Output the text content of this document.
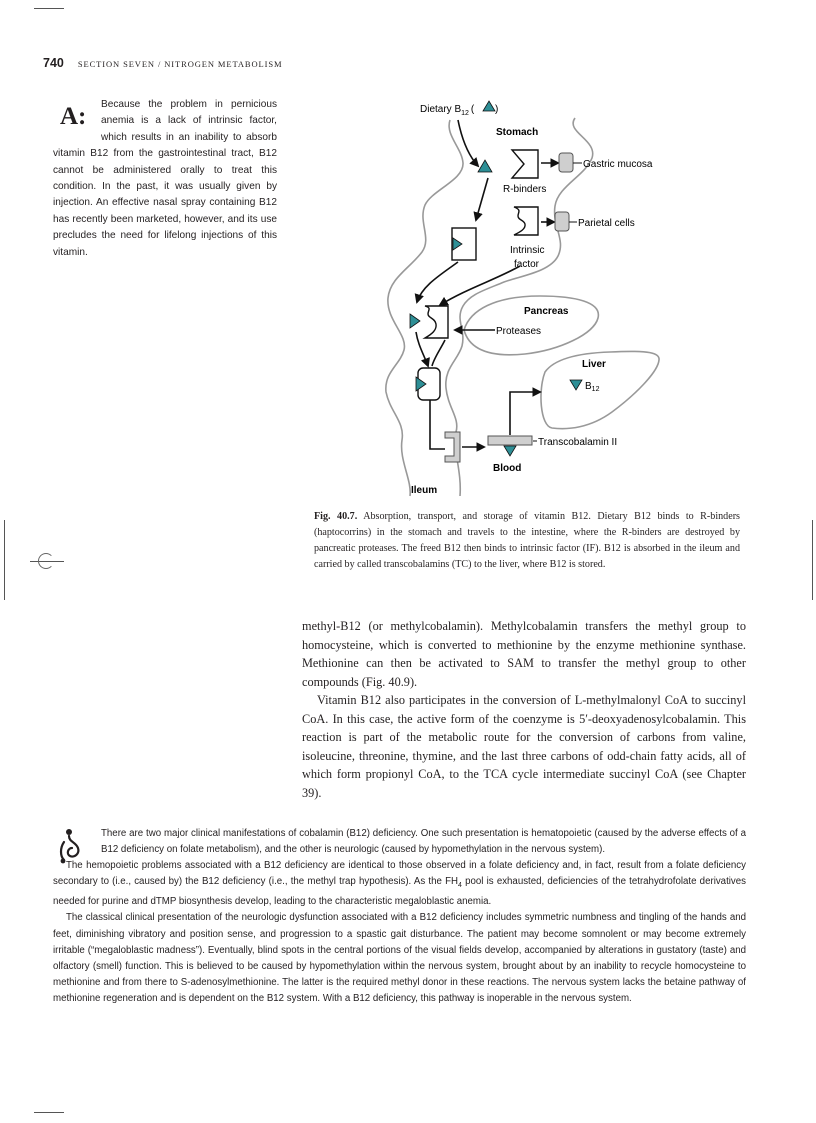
740 SECTION SEVEN / NITROGEN METABOLISM
A:	Because the problem in pernicious anemia is a lack of intrinsic factor, which results in an inability to absorb vitamin B12 from the gastrointestinal tract, B12 cannot be administered orally to treat this condition. In the past, it was usually given by injection. An effective nasal spray containing B12 has recently been marketed, however, and its use precludes the need for lifelong injections of this vitamin.
Stomach
Dietary $B_{12}$ ( )
R-binders
Gastric mucosa
Parietal cells
Intrinsic
factor
Proteases
Pancreas
Transcobalamin II
Blood
Liver
$B_{12}$
Ileum
Fig. 40.7. Absorption, transport, and storage of vitamin B12. Dietary B12 binds to R-binders (haptocorrins) in the stomach and travels to the intestine, where the R-binders are destroyed by pancreatic proteases. The freed B12 then binds to intrinsic factor (IF). B12 is absorbed in the ileum and carried by called transcobalamins (TC) to the liver, where B12 is stored.

methyl-B12 (or methylcobalamin). Methylcobalamin transfers the methyl group to homocysteine, which is converted to methionine by the enzyme methionine synthase. Methionine can then be activated to SAM to transfer the methyl group to other compounds (Fig. 40.9).

Vitamin B12 also participates in the conversion of L-methylmalonyl CoA to succinyl CoA. In this case, the active form of the coenzyme is 5′-deoxyadenosylcobalamin. This reaction is part of the metabolic route for the conversion of carbons from valine, isoleucine, threonine, thymine, and the last three carbons of odd-chain fatty acids, all of which form propionyl CoA, to the TCA cycle intermediate succinyl CoA (see Chapter 39).

There are two major clinical manifestations of cobalamin (B12) deficiency. One such presentation is hematopoietic (caused by the adverse effects of a B12 deficiency on folate metabolism), and the other is neurologic (caused by hypomethylation in the nervous system).

The hemopoietic problems associated with a B12 deficiency are identical to those observed in a folate deficiency and, in fact, result from a folate deficiency secondary to (i.e., caused by) the B12 deficiency (i.e., the methyl trap hypothesis). As the $FH_4$ pool is exhausted, deficiencies of the tetrahydrofolate derivatives needed for purine and dTMP biosynthesis develop, leading to the characteristic megaloblastic anemia.

The classical clinical presentation of the neurologic dysfunction associated with a B12 deficiency includes symmetric numbness and tingling of the hands and feet, diminishing vibratory and position sense, and progression to a spastic gait disturbance. The patient may become somnolent or may become extremely irritable (“megaloblastic madness”). Eventually, blind spots in the central portions of the visual fields develop, accompanied by alterations in gustatory (taste) and olfactory (smell) function. This is believed to be caused by hypomethylation within the nervous system, brought about by an inability to recycle homocysteine to methionine and from there to S-adenosylmethionine. The latter is the required methyl donor in these reactions. The nervous system lacks the betaine pathway of methionine regeneration and is dependent on the B12 system. With a B12 deficiency, this pathway is inoperable in the nervous system.
